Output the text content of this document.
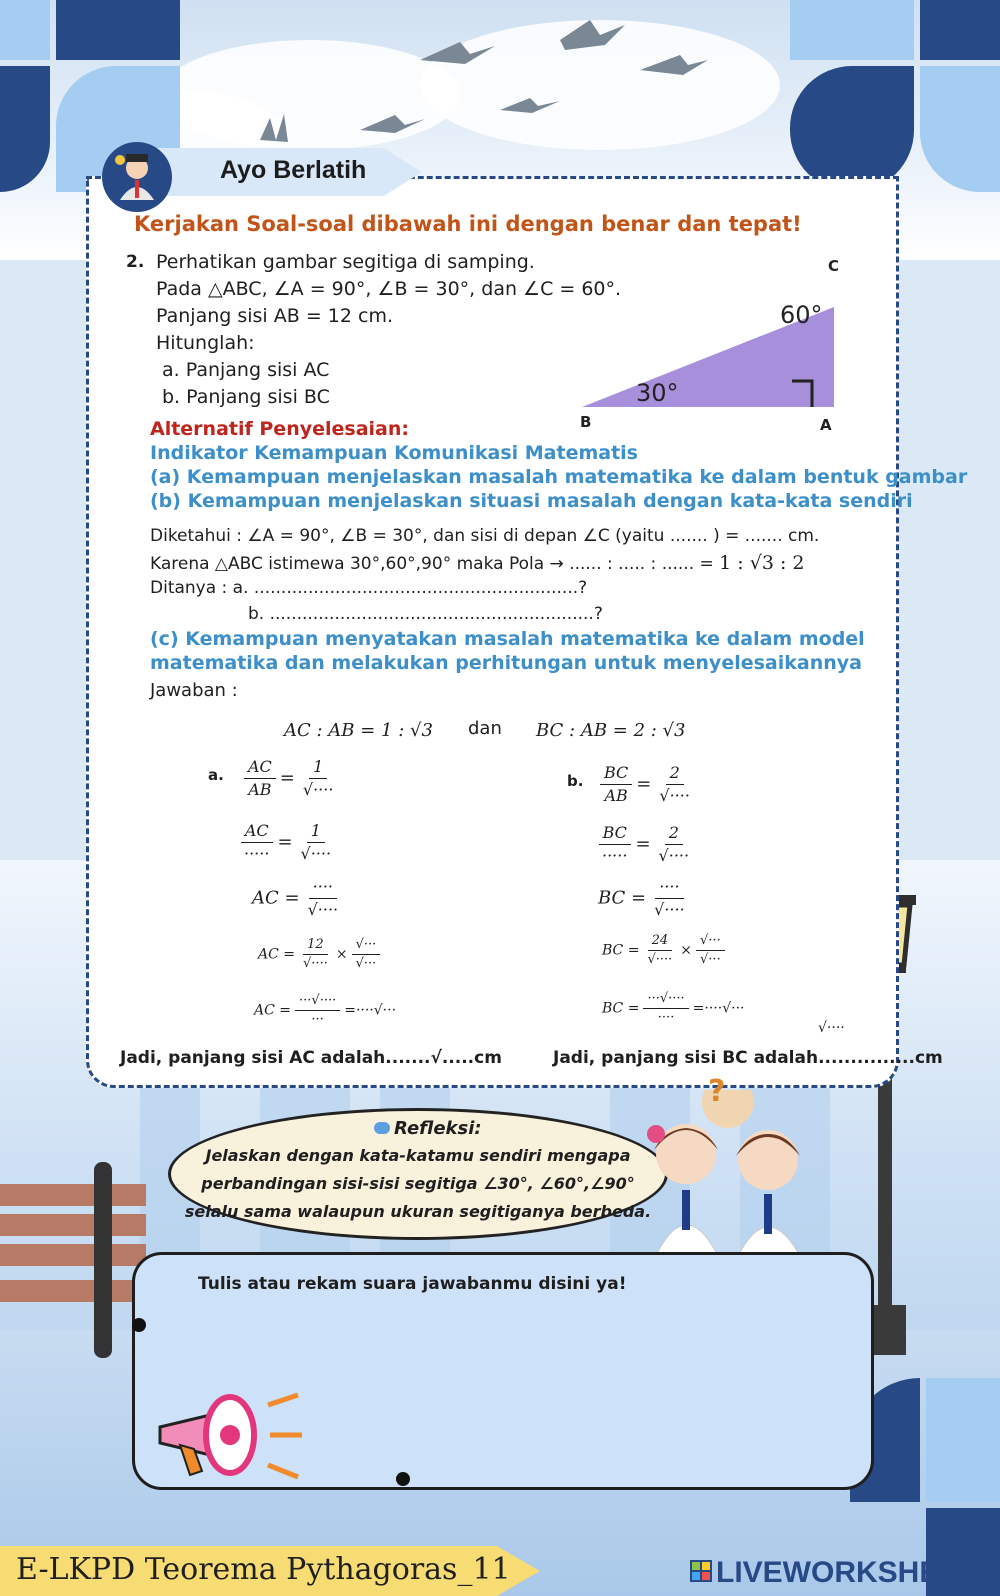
Ayo Berlatih
Kerjakan Soal-soal dibawah ini dengan benar dan tepat!
2. Perhatikan gambar segitiga di samping.
Pada △ABC, ∠A = 90°, ∠B = 30°, dan ∠C = 60°.
Panjang sisi AB = 12 cm.
Hitunglah:
a. Panjang sisi AC
b. Panjang sisi BC
C
B	A
30°
60°
Alternatif Penyelesaian:
Indikator Kemampuan Komunikasi Matematis
(a) Kemampuan menjelaskan masalah matematika ke dalam bentuk gambar
(b) Kemampuan menjelaskan situasi masalah dengan kata-kata sendiri
Diketahui : ∠A = 90°, ∠B = 30°, dan sisi di depan ∠C (yaitu ....... ) = ....... cm.
Karena △ABC istimewa 30°,60°,90° maka Pola → ...... : ..... : ...... = 1 : √3 : 2
Ditanya : a. ............................................................?
b. ............................................................?
(c) Kemampuan menyatakan masalah matematika ke dalam model
matematika dan melakukan perhitungan untuk menyelesaikannya
Jawaban :
AC : AB = 1 : √3 dan BC : AB = 2 : √3
a. $\frac{AC}{AB} = \frac{1}{√\cdot\cdot\cdot\cdot}$
$\frac{AC}{\cdot\cdot\cdot\cdot\cdot} = \frac{1}{√\cdot\cdot\cdot\cdot}$
AC = $\frac{\cdot\cdot\cdot\cdot}{√\cdot\cdot\cdot\cdot}$
AC = $\frac{12}{√\cdot\cdot\cdot\cdot} \times \frac{√\cdot\cdot\cdot}{√\cdot\cdot\cdot}$
AC = $\frac{\cdot\cdot\cdot√\cdot\cdot\cdot\cdot}{\cdot\cdot\cdot}$ =····√···
Jadi, panjang sisi AC adalah.......√.....cm
b. $\frac{BC}{AB} = \frac{2}{√\cdot\cdot\cdot\cdot}$
$\frac{BC}{\cdot\cdot\cdot\cdot\cdot} = \frac{2}{√\cdot\cdot\cdot\cdot}$
BC = $\frac{\cdot\cdot\cdot\cdot}{√\cdot\cdot\cdot\cdot}$
BC = $\frac{24}{√\cdot\cdot\cdot\cdot} \times \frac{√\cdot\cdot\cdot}{√\cdot\cdot\cdot}$
BC = $\frac{\cdot\cdot\cdot√\cdot\cdot\cdot\cdot}{\cdot\cdot\cdot\cdot}$ =····√···
√····
Jadi, panjang sisi BC adalah...............cm
Refleksi:
Jelaskan dengan kata-katamu sendiri mengapa
perbandingan sisi-sisi segitiga ∠30°, ∠60°,∠90°
selalu sama walaupun ukuran segitiganya berbeda.
?
Tulis atau rekam suara jawabanmu disini ya!
E-LKPD Teorema Pythagoras_11	LIVEWORKSHEETS
